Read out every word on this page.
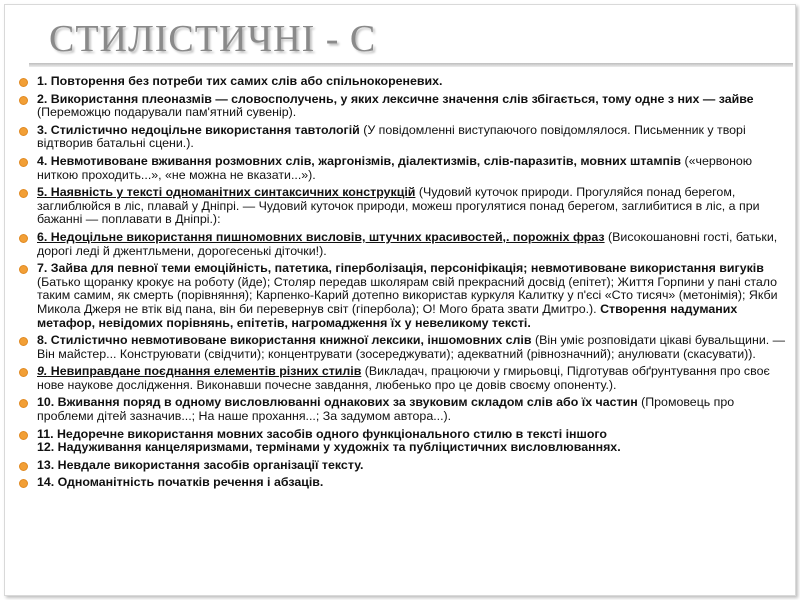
СТИЛІСТИЧНІ - С
1. Повторення без потреби тих самих слів або спільнокореневих.
2. Використання плеоназмів — словосполучень, у яких лексичне значення слів збігається, тому одне з них — зайве (Переможцю подарували пам'ятний сувенір).
3. Стилістично недоцільне використання тавтологій (У повідомленні виступаючого повідомлялося. Письменник у творі відтворив батальні сцени.).
4. Невмотивоване вживання розмовних слів, жаргонізмів, діалектизмів, слів-паразитів, мовних штампів («червоною ниткою проходить...», «не можна не вказати...»).
5. Наявність у тексті одноманітних синтаксичних конструкцій (Чудовий куточок природи. Прогуляйся понад берегом, заглиблюйся в ліс, плавай у Дніпрі. — Чудовий куточок природи, можеш прогулятися понад берегом, заглибитися в ліс, а при бажанні — поплавати в Дніпрі.):
6. Недоцільне використання пишномовних висловів, штучних красивостей,. порожніх фраз (Високошановні гості, батьки, дорогі леді й джентльмени, дорогесенькі діточки!).
7. Зайва для певної теми емоційність, патетика, гіперболізація, персоніфікація; невмотивоване використання вигуків (Батько щоранку крокує на роботу (йде); Столяр передав школярам свій прекрасний досвід (епітет); Життя Горпини у пані стало таким самим, як смерть (порівняння); Карпенко-Карий дотепно використав куркуля Калитку у п'єсі «Сто тисяч» (метонімія); Якби Микола Джеря не втік від пана, він би перевернув світ (гіпербола); О! Мого брата звати Дмитро.). Створення надуманих метафор, невідомих порівнянь, епітетів, нагромадження їх у невеликому тексті.
8. Стилістично невмотивоване використання книжної лексики, іншомовних слів (Він уміє розповідати цікаві бувальщини. — Він майстер... Конструювати (свідчити); концентрувати (зосереджувати); адекватний (рівнозначний); анулювати (скасувати)).
9. Невиправдане поєднання елементів різних стилів (Викладач, працюючи у гмирьовці, Підготував обґрунтування про своє нове наукове дослідження. Виконавши почесне завдання, любенько про це довів своєму опоненту.).
10. Вживання поряд в одному висловлюванні однакових за звуковим складом слів або їх частин (Промовець про проблеми дітей зазначив...; На наше прохання...; За задумом автора...).
11. Недоречне використання мовних засобів одного функціонального стилю в тексті іншого
12. Надуживання канцеляризмами, термінами у художніх та публіцистичних висловлюваннях.
13. Невдале використання засобів організації тексту.
14. Одноманітність початків речення і абзаців.
